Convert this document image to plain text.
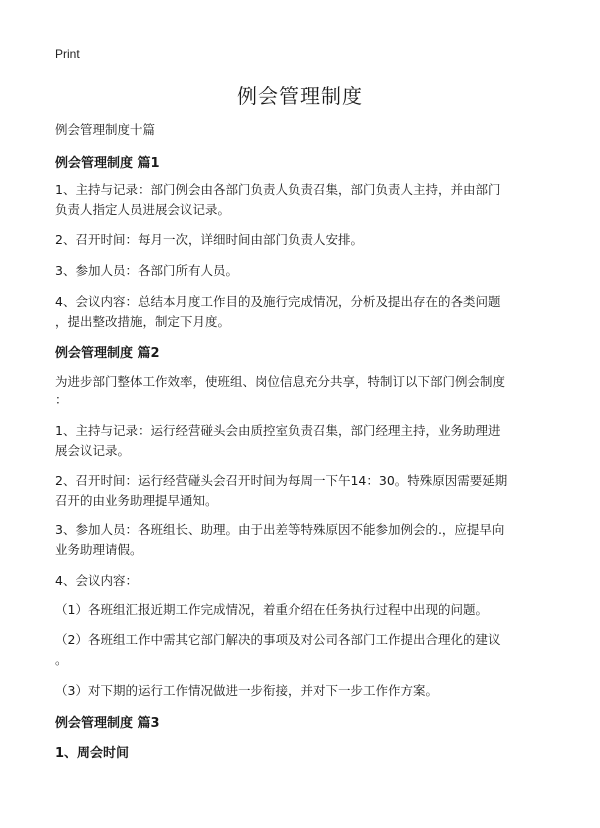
Print
例会管理制度
例会管理制度十篇
例会管理制度 篇1
1、主持与记录：部门例会由各部门负责人负责召集，部门负责人主持，并由部门
负责人指定人员进展会议记录。
2、召开时间：每月一次，详细时间由部门负责人安排。
3、参加人员：各部门所有人员。
4、会议内容：总结本月度工作目的及施行完成情况，分析及提出存在的各类问题
，提出整改措施，制定下月度。
例会管理制度 篇2
为进步部门整体工作效率，使班组、岗位信息充分共享，特制订以下部门例会制度
：
1、主持与记录：运行经营碰头会由质控室负责召集，部门经理主持，业务助理进
展会议记录。
2、召开时间：运行经营碰头会召开时间为每周一下午14：30。特殊原因需要延期
召开的由业务助理提早通知。
3、参加人员：各班组长、助理。由于出差等特殊原因不能参加例会的.，应提早向
业务助理请假。
4、会议内容：
（1）各班组汇报近期工作完成情况，着重介绍在任务执行过程中出现的问题。
（2）各班组工作中需其它部门解决的事项及对公司各部门工作提出合理化的建议
。
（3）对下期的运行工作情况做进一步衔接，并对下一步工作作方案。
例会管理制度 篇3
1、周会时间
